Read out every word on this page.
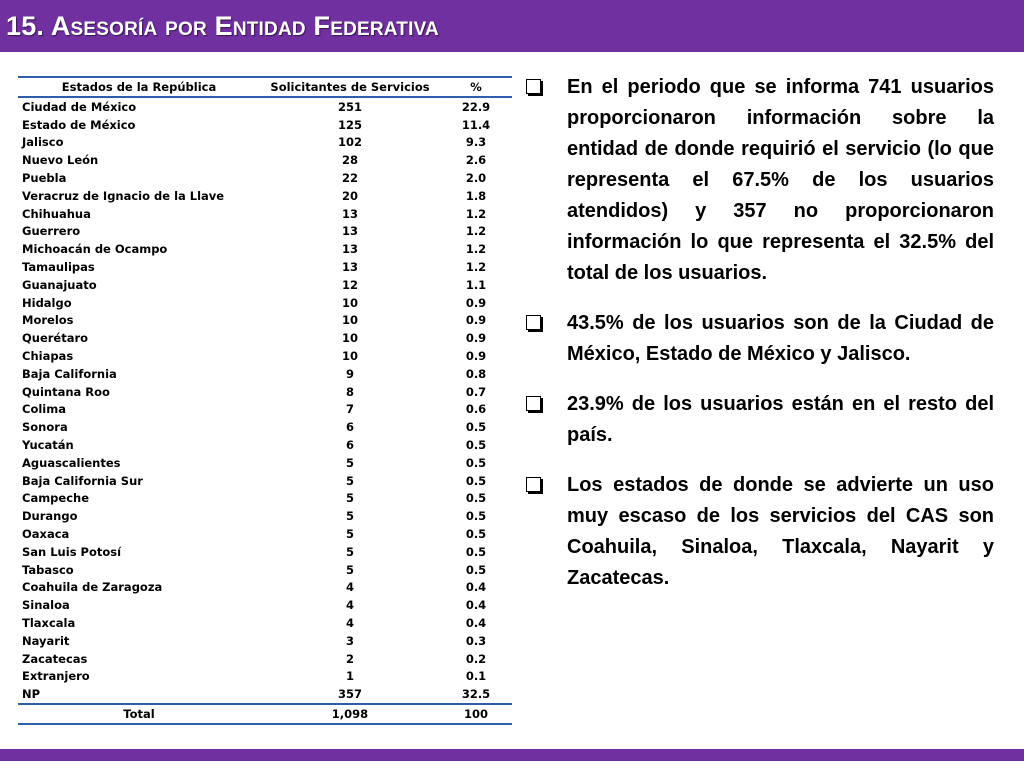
15. Asesoría por Entidad Federativa
Estados de la República	Solicitantes de Servicios	%
Ciudad de México	251	22.9
Estado de México	125	11.4
Jalisco	102	9.3
Nuevo León	28	2.6
Puebla	22	2.0
Veracruz de Ignacio de la Llave	20	1.8
Chihuahua	13	1.2
Guerrero	13	1.2
Michoacán de Ocampo	13	1.2
Tamaulipas	13	1.2
Guanajuato	12	1.1
Hidalgo	10	0.9
Morelos	10	0.9
Querétaro	10	0.9
Chiapas	10	0.9
Baja California	9	0.8
Quintana Roo	8	0.7
Colima	7	0.6
Sonora	6	0.5
Yucatán	6	0.5
Aguascalientes	5	0.5
Baja California Sur	5	0.5
Campeche	5	0.5
Durango	5	0.5
Oaxaca	5	0.5
San Luis Potosí	5	0.5
Tabasco	5	0.5
Coahuila de Zaragoza	4	0.4
Sinaloa	4	0.4
Tlaxcala	4	0.4
Nayarit	3	0.3
Zacatecas	2	0.2
Extranjero	1	0.1
NP	357	32.5
Total	1,098	100
En el periodo que se informa 741 usuarios proporcionaron información sobre la entidad de donde requirió el servicio (lo que representa el 67.5% de los usuarios atendidos) y 357 no proporcionaron información lo que representa el 32.5% del total de los usuarios.
43.5% de los usuarios son de la Ciudad de México, Estado de México y Jalisco.
23.9% de los usuarios están en el resto del país.
Los estados de donde se advierte un uso muy escaso de los servicios del CAS son Coahuila, Sinaloa, Tlaxcala, Nayarit y Zacatecas.
